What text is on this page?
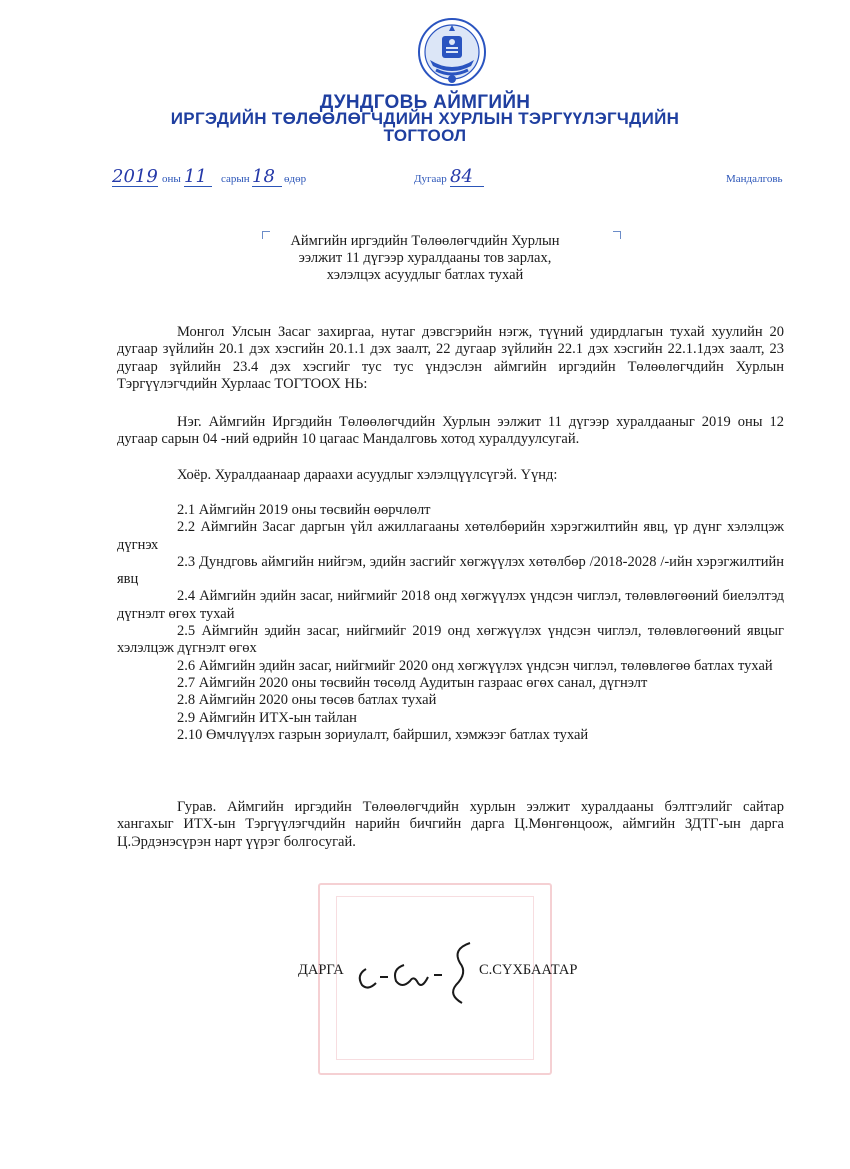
ДУНДГОВЬ АЙМГИЙН
ИРГЭДИЙН ТӨЛӨӨЛӨГЧДИЙН ХУРЛЫН ТЭРГҮҮЛЭГЧДИЙН
ТОГТООЛ
2019 оны 11	сарын 18 өдөр	Дугаар 84	Мандалговь
Аймгийн иргэдийн Төлөөлөгчдийн Хурлын
ээлжит 11 дүгээр хуралдааны тов зарлах,
хэлэлцэх асуудлыг батлах тухай
Монгол Улсын Засаг захиргаа, нутаг дэвсгэрийн нэгж, түүний удирдлагын тухай хуулийн 20 дугаар зүйлийн 20.1 дэх хэсгийн 20.1.1 дэх заалт, 22 дугаар зүйлийн 22.1 дэх хэсгийн 22.1.1дэх заалт, 23 дугаар зүйлийн 23.4 дэх хэсгийг тус тус үндэслэн аймгийн иргэдийн Төлөөлөгчдийн Хурлын Тэргүүлэгчдийн Хурлаас ТОГТООХ НЬ:
Нэг. Аймгийн Иргэдийн Төлөөлөгчдийн Хурлын ээлжит 11 дүгээр хуралдааныг 2019 оны 12 дугаар сарын 04 -ний өдрийн 10 цагаас Мандалговь хотод хуралдуулсугай.
Хоёр. Хуралдаанаар дараахи асуудлыг хэлэлцүүлсүгэй. Үүнд:
2.1 Аймгийн 2019 оны төсвийн өөрчлөлт
2.2 Аймгийн Засаг даргын үйл ажиллагааны хөтөлбөрийн хэрэгжилтийн явц, үр дүнг хэлэлцэж дүгнэх
2.3 Дундговь аймгийн нийгэм, эдийн засгийг хөгжүүлэх хөтөлбөр /2018-2028 /-ийн хэрэгжилтийн явц
2.4 Аймгийн эдийн засаг, нийгмийг 2018 онд хөгжүүлэх үндсэн чиглэл, төлөвлөгөөний биелэлтэд дүгнэлт өгөх тухай
2.5 Аймгийн эдийн засаг, нийгмийг 2019 онд хөгжүүлэх үндсэн чиглэл, төлөвлөгөөний явцыг хэлэлцэж дүгнэлт өгөх
2.6 Аймгийн эдийн засаг, нийгмийг 2020 онд хөгжүүлэх үндсэн чиглэл, төлөвлөгөө батлах тухай
2.7 Аймгийн 2020 оны төсвийн төсөлд Аудитын газраас өгөх санал, дүгнэлт
2.8 Аймгийн 2020 оны төсөв батлах тухай
2.9 Аймгийн ИТХ-ын тайлан
2.10 Өмчлүүлэх газрын зориулалт, байршил, хэмжээг батлах тухай
Гурав. Аймгийн иргэдийн Төлөөлөгчдийн хурлын ээлжит хуралдааны бэлтгэлийг сайтар хангахыг ИТХ-ын Тэргүүлэгчдийн нарийн бичгийн дарга Ц.Мөнгөнцоож, аймгийн ЗДТГ-ын дарга Ц.Эрдэнэсүрэн нарт үүрэг болгосугай.
ДАРГА	С.СҮХБААТАР
